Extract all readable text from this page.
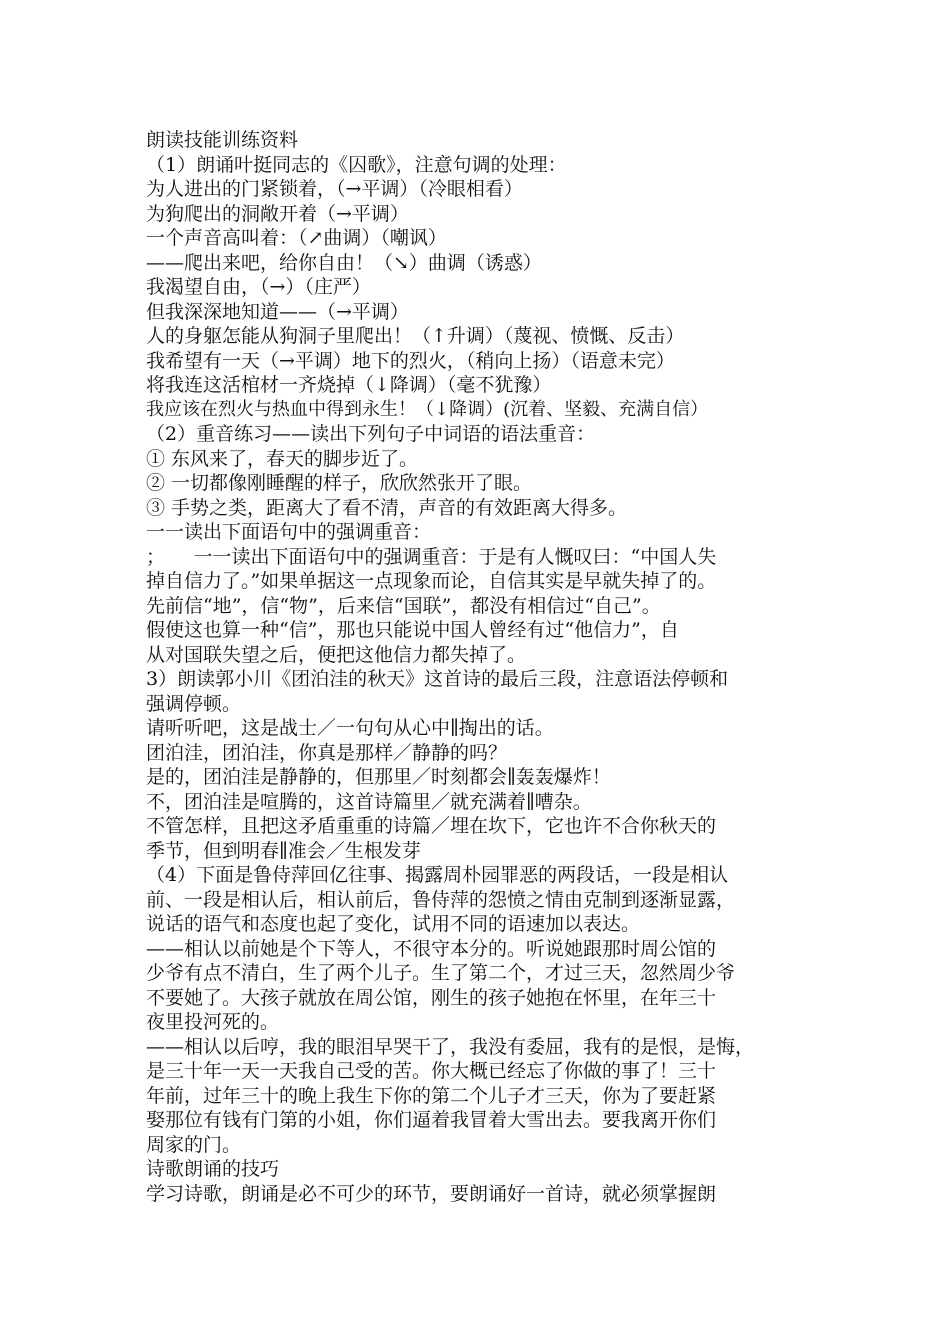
朗读技能训练资料
（1）朗诵叶挺同志的《囚歌》，注意句调的处理：
为人进出的门紧锁着，（→平调）（冷眼相看）
为狗爬出的洞敞开着（→平调）
一个声音高叫着：（↗曲调）（嘲讽）
——爬出来吧，给你自由！（↘）曲调（诱惑）
我渴望自由，（→）（庄严）
但我深深地知道——（→平调）
人的身躯怎能从狗洞子里爬出！（↑升调）（蔑视、愤慨、反击）
我希望有一天（→平调）地下的烈火，（稍向上扬）（语意未完）
将我连这活棺材一齐烧掉（↓降调）（毫不犹豫）
我应该在烈火与热血中得到永生！（↓降调）(沉着、坚毅、充满自信）
（2）重音练习——读出下列句子中词语的语法重音：
① 东风来了，春天的脚步近了。
② 一切都像刚睡醒的样子，欣欣然张开了眼。
③ 手势之类，距离大了看不清，声音的有效距离大得多。
一一读出下面语句中的强调重音：
；　　一一读出下面语句中的强调重音：于是有人慨叹曰：“中国人失
掉自信力了。”如果单据这一点现象而论，自信其实是早就失掉了的。
先前信“地”，信“物”，后来信“国联”，都没有相信过“自己”。
假使这也算一种“信”，那也只能说中国人曾经有过“他信力”，自
从对国联失望之后，便把这他信力都失掉了。
3）朗读郭小川《团泊洼的秋天》这首诗的最后三段，注意语法停顿和
强调停顿。
请听听吧，这是战士／一句句从心中∥掏出的话。
团泊洼，团泊洼，你真是那样／静静的吗？
是的，团泊洼是静静的，但那里／时刻都会∥轰轰爆炸！
不，团泊洼是喧腾的，这首诗篇里／就充满着∥嘈杂。
不管怎样，且把这矛盾重重的诗篇／埋在坎下，它也许不合你秋天的
季节，但到明春∥准会／生根发芽
（4）下面是鲁侍萍回亿往事、揭露周朴园罪恶的两段话，一段是相认
前、一段是相认后，相认前后，鲁侍萍的怨愤之情由克制到逐渐显露，
说话的语气和态度也起了变化，试用不同的语速加以表达。
——相认以前她是个下等人，不很守本分的。听说她跟那时周公馆的
少爷有点不清白，生了两个儿子。生了第二个，才过三天，忽然周少爷
不要她了。大孩子就放在周公馆，刚生的孩子她抱在怀里，在年三十
夜里投河死的。
——相认以后哼，我的眼泪早哭干了，我没有委屈，我有的是恨，是悔，
是三十年一天一天我自己受的苦。你大概已经忘了你做的事了！三十
年前，过年三十的晚上我生下你的第二个儿子才三天，你为了要赶紧
娶那位有钱有门第的小姐，你们逼着我冒着大雪出去。要我离开你们
周家的门。
诗歌朗诵的技巧
学习诗歌，朗诵是必不可少的环节，要朗诵好一首诗，就必须掌握朗
